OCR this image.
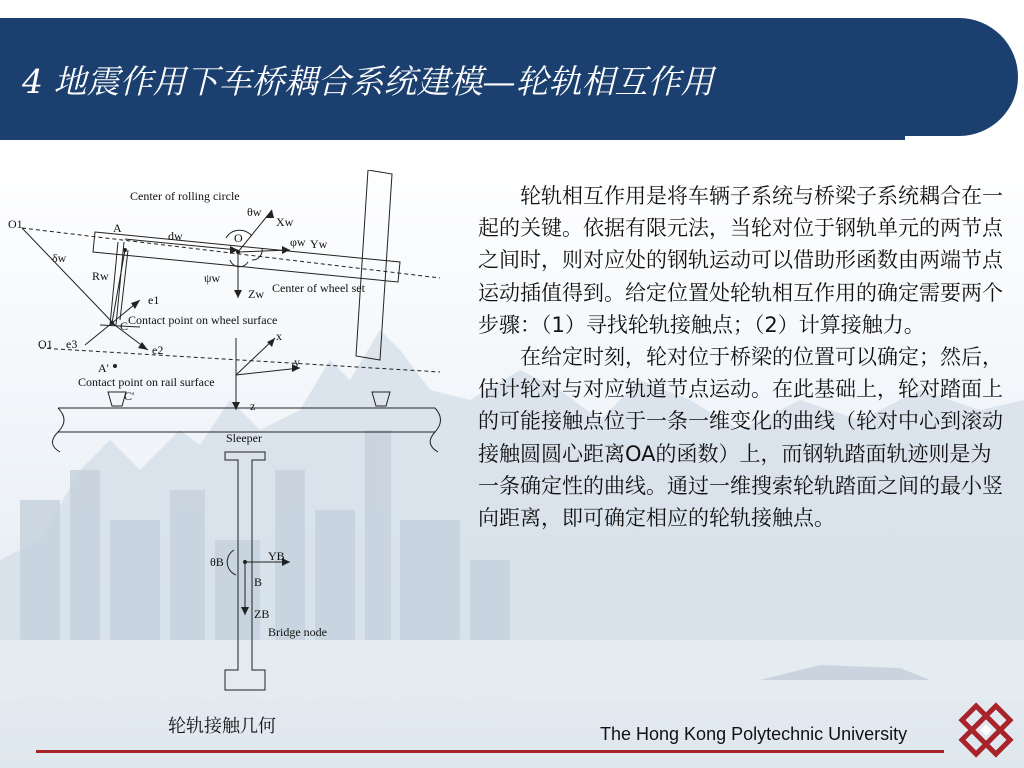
4 地震作用下车桥耦合系统建模—轮轨相互作用
Center of rolling circle
θw
Xw
O1	A
dw	O	φw Yw
δw
Rw	ψw
Zw Center of wheel set
e1
C Contact point on wheel surface
x
O1 e3	e2
y
A'
Contact point on rail surface
C'
z
Sleeper
θB	YB
B
ZB
Bridge node
轮轨接触几何

轮轨相互作用是将车辆子系统与桥梁子系统耦合在一起的关键。依据有限元法，当轮对位于钢轨单元的两节点之间时，则对应处的钢轨运动可以借助形函数由两端节点运动插值得到。给定位置处轮轨相互作用的确定需要两个步骤：（1）寻找轮轨接触点；（2）计算接触力。

在给定时刻，轮对位于桥梁的位置可以确定；然后，估计轮对与对应轨道节点运动。在此基础上，轮对踏面上的可能接触点位于一条一维变化的曲线（轮对中心到滚动接触圆圆心距离OA的函数）上，而钢轨踏面轨迹则是为一条确定性的曲线。通过一维搜索轮轨踏面之间的最小竖向距离，即可确定相应的轮轨接触点。

The Hong Kong Polytechnic University
